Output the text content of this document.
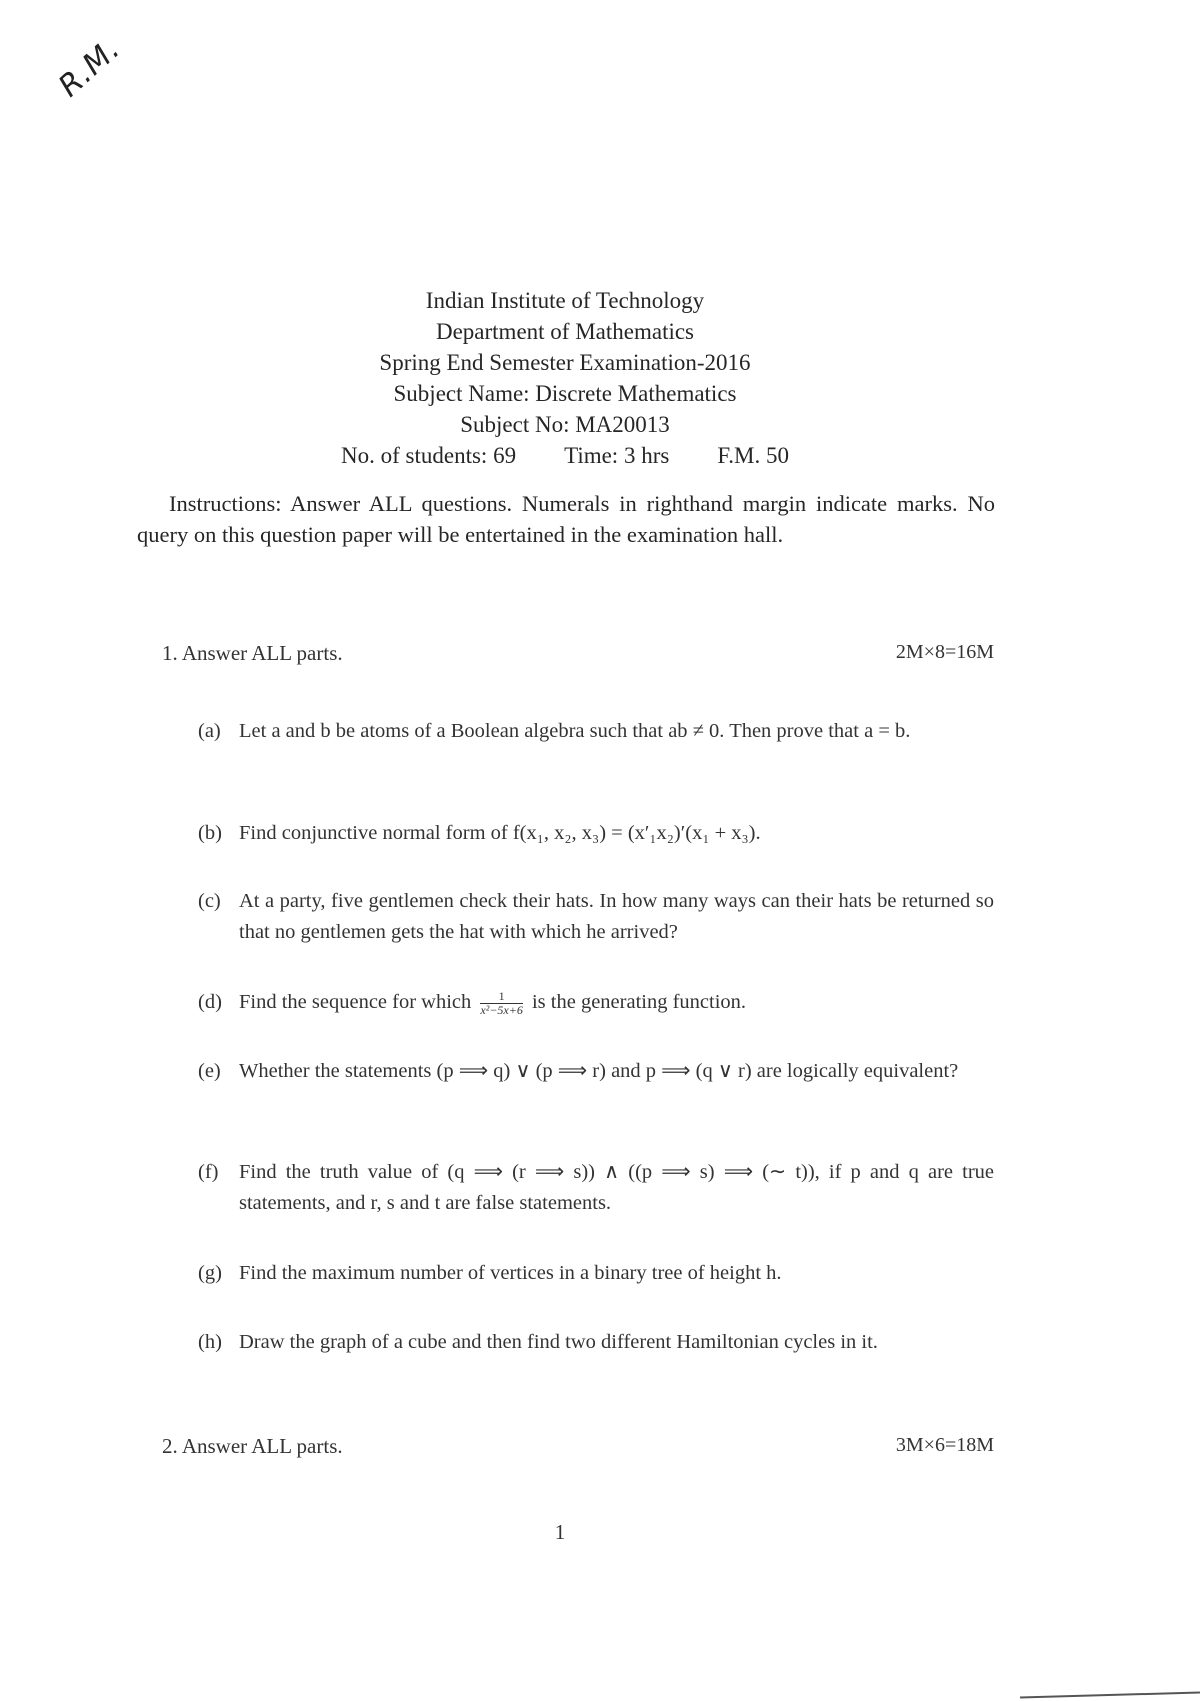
R.M.
Indian Institute of Technology
Department of Mathematics
Spring End Semester Examination-2016
Subject Name: Discrete Mathematics
Subject No: MA20013
No. of students: 69 Time: 3 hrs F.M. 50
Instructions: Answer ALL questions. Numerals in righthand margin indicate marks. No query on this question paper will be entertained in the examination hall.
1. Answer ALL parts.	2M×8=16M
(a) Let a and b be atoms of a Boolean algebra such that ab ≠ 0. Then prove that a = b.
(b) Find conjunctive normal form of f(x₁, x₂, x₃) = (x′₁x₂)′(x₁ + x₃).
(c) At a party, five gentlemen check their hats. In how many ways can their hats be returned so that no gentlemen gets the hat with which he arrived?
(d) Find the sequence for which $\frac{1}{\text{x²−5x+6}}$ is the generating function.
(e) Whether the statements (p ⟹ q) ∨ (p ⟹ r) and p ⟹ (q ∨ r) are logically equivalent?
(f) Find the truth value of (q ⟹ (r ⟹ s)) ∧ ((p ⟹ s) ⟹ (∼ t)), if p and q are true statements, and r, s and t are false statements.
(g) Find the maximum number of vertices in a binary tree of height h.
(h) Draw the graph of a cube and then find two different Hamiltonian cycles in it.
2. Answer ALL parts.	3M×6=18M
1
